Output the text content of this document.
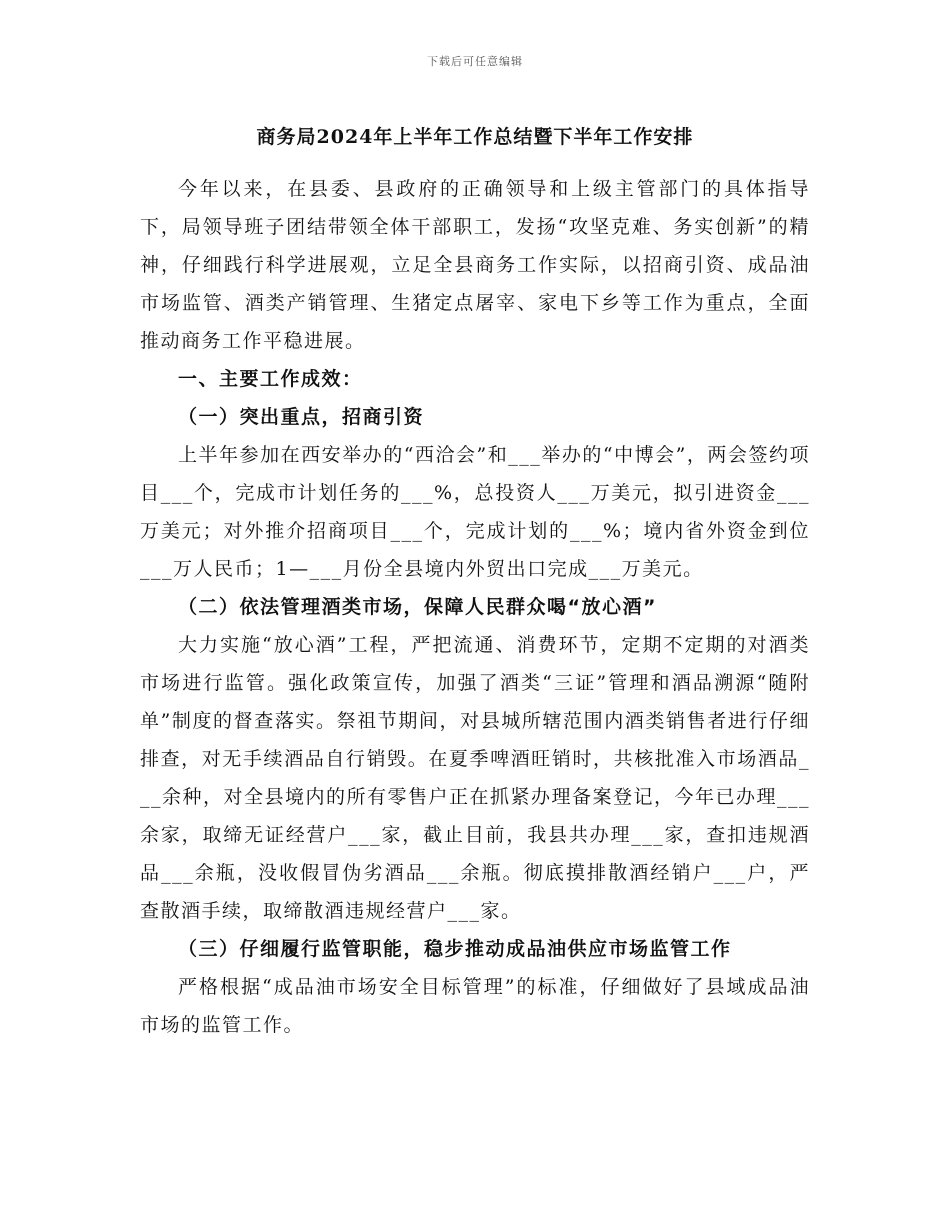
下载后可任意编辑
商务局2024年上半年工作总结暨下半年工作安排

今年以来，在县委、县政府的正确领导和上级主管部门的具体指导下，局领导班子团结带领全体干部职工，发扬“攻坚克难、务实创新”的精神，仔细践行科学进展观，立足全县商务工作实际，以招商引资、成品油市场监管、酒类产销管理、生猪定点屠宰、家电下乡等工作为重点，全面推动商务工作平稳进展。

一、主要工作成效：

（一）突出重点，招商引资

上半年参加在西安举办的“西洽会”和___举办的“中博会”，两会签约项目___个，完成市计划任务的___%，总投资人___万美元，拟引进资金___万美元；对外推介招商项目___个，完成计划的___%；境内省外资金到位___万人民币；1—___月份全县境内外贸出口完成___万美元。

（二）依法管理酒类市场，保障人民群众喝“放心酒”

大力实施“放心酒”工程，严把流通、消费环节，定期不定期的对酒类市场进行监管。强化政策宣传，加强了酒类“三证”管理和酒品溯源“随附单”制度的督查落实。祭祖节期间，对县城所辖范围内酒类销售者进行仔细排查，对无手续酒品自行销毁。在夏季啤酒旺销时，共核批准入市场酒品___余种，对全县境内的所有零售户正在抓紧办理备案登记，今年已办理___余家，取缔无证经营户___家，截止目前，我县共办理___家，查扣违规酒品___余瓶，没收假冒伪劣酒品___余瓶。彻底摸排散酒经销户___户，严查散酒手续，取缔散酒违规经营户___家。

（三）仔细履行监管职能，稳步推动成品油供应市场监管工作

严格根据“成品油市场安全目标管理”的标准，仔细做好了县域成品油市场的监管工作。
